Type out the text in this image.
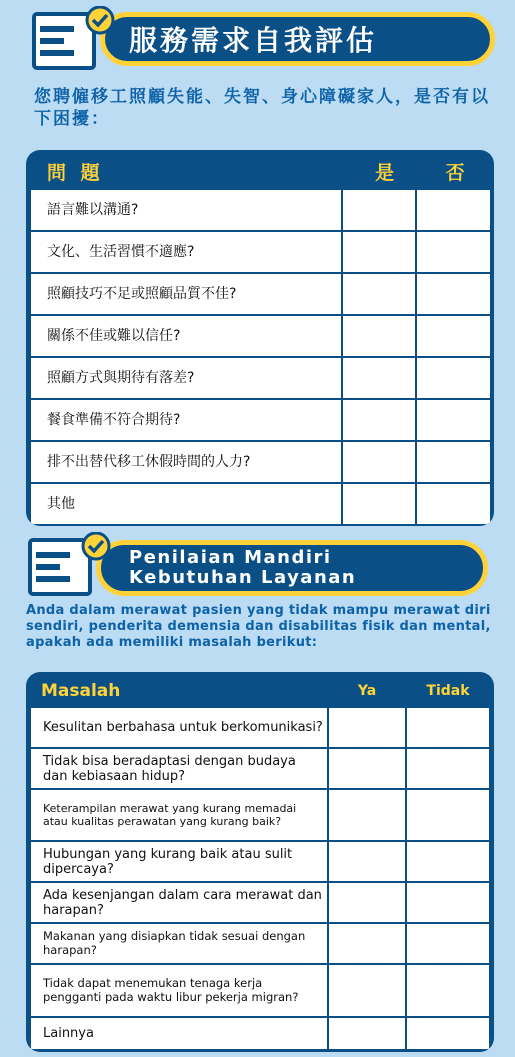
服務需求自我評估
您聘僱移工照顧失能、失智、身心障礙家人，是否有以下困擾：
問 題	是	否
語言難以溝通?
文化、生活習慣不適應?
照顧技巧不足或照顧品質不佳?
關係不佳或難以信任?
照顧方式與期待有落差?
餐食準備不符合期待?
排不出替代移工休假時間的人力?
其他
Penilaian Mandiri
Kebutuhan Layanan
Anda dalam merawat pasien yang tidak mampu merawat diri sendiri, penderita demensia dan disabilitas fisik dan mental, apakah ada memiliki masalah berikut:
Masalah	Ya	Tidak
Kesulitan berbahasa untuk berkomunikasi?
Tidak bisa beradaptasi dengan budaya dan kebiasaan hidup?
Keterampilan merawat yang kurang memadai atau kualitas perawatan yang kurang baik?
Hubungan yang kurang baik atau sulit dipercaya?
Ada kesenjangan dalam cara merawat dan harapan?
Makanan yang disiapkan tidak sesuai dengan harapan?
Tidak dapat menemukan tenaga kerja pengganti pada waktu libur pekerja migran?
Lainnya
